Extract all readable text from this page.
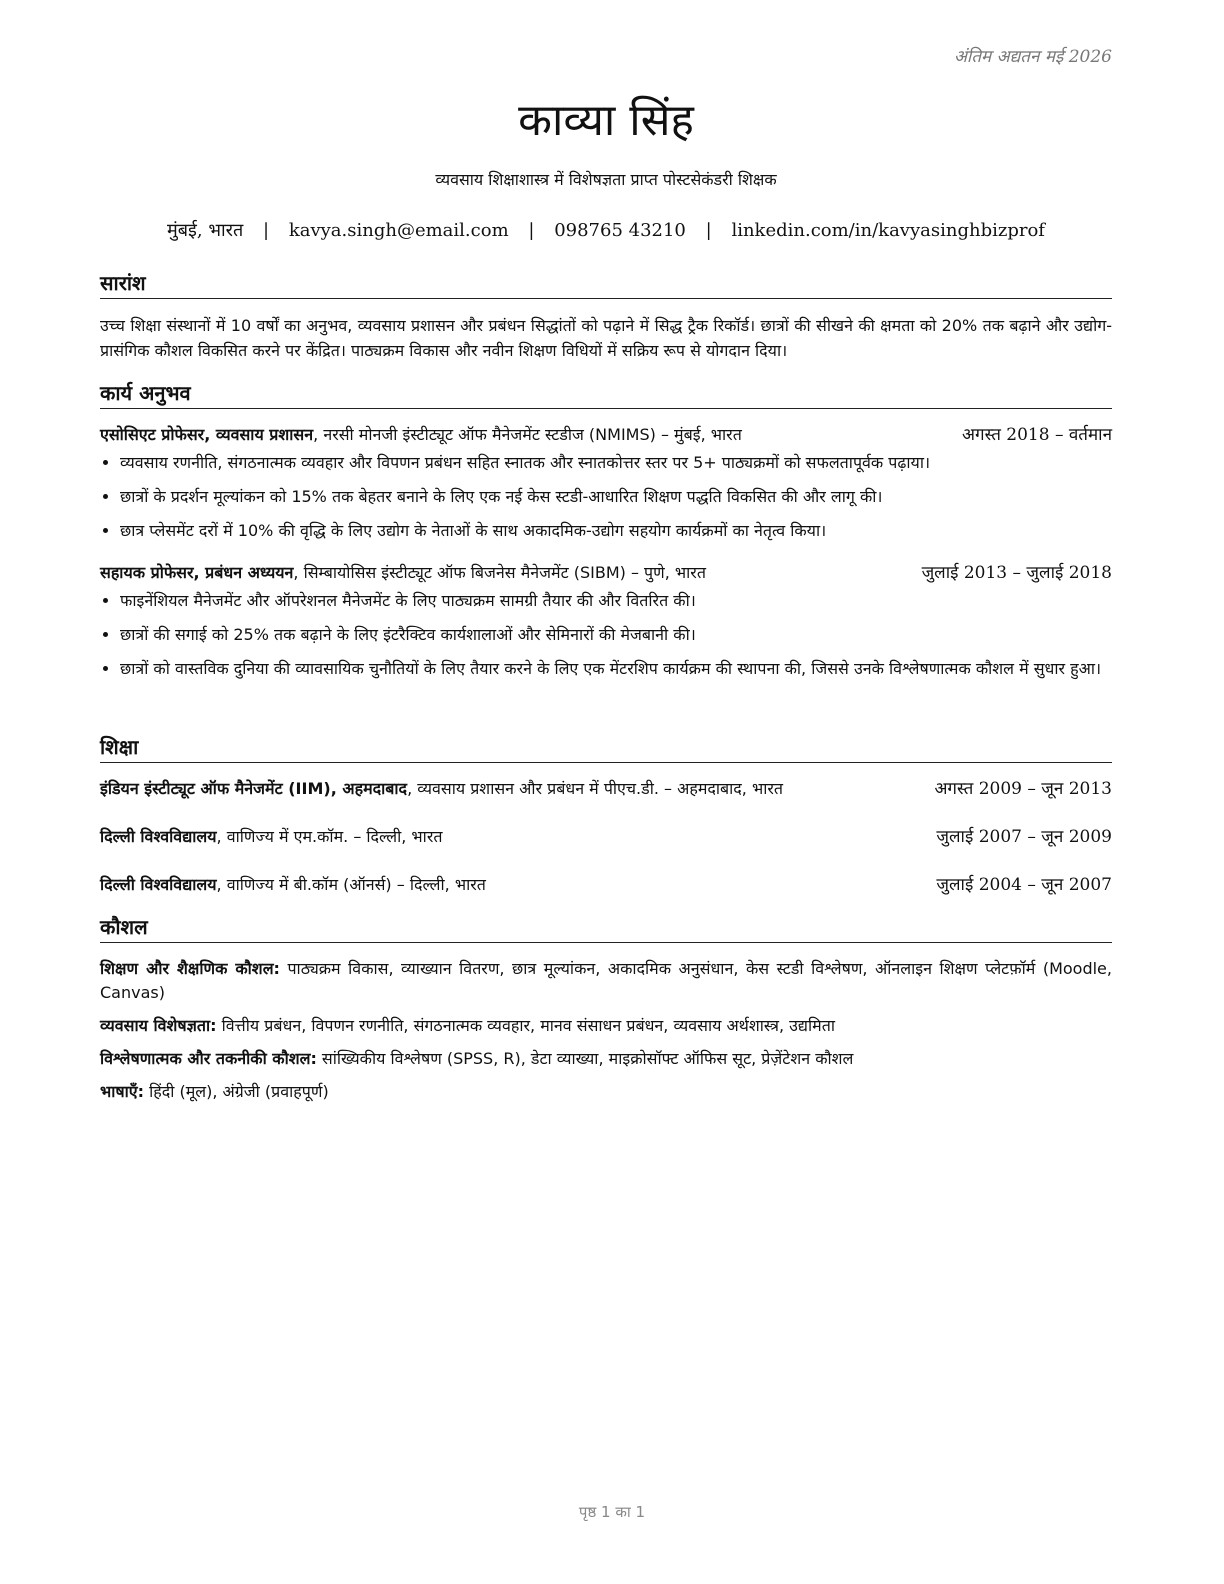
अंतिम अद्यतन मई 2026
काव्या सिंह
व्यवसाय शिक्षाशास्त्र में विशेषज्ञता प्राप्त पोस्टसेकंडरी शिक्षक
मुंबई, भारत | kavya.singh@email.com | 098765 43210 | linkedin.com/in/kavyasinghbizprof
सारांश
उच्च शिक्षा संस्थानों में 10 वर्षों का अनुभव, व्यवसाय प्रशासन और प्रबंधन सिद्धांतों को पढ़ाने में सिद्ध ट्रैक रिकॉर्ड। छात्रों की सीखने की क्षमता को 20% तक बढ़ाने और उद्योग-प्रासंगिक कौशल विकसित करने पर केंद्रित। पाठ्यक्रम विकास और नवीन शिक्षण विधियों में सक्रिय रूप से योगदान दिया।
कार्य अनुभव
एसोसिएट प्रोफेसर, व्यवसाय प्रशासन, नरसी मोनजी इंस्टीट्यूट ऑफ मैनेजमेंट स्टडीज (NMIMS) – मुंबई, भारत	अगस्त 2018 – वर्तमान
• व्यवसाय रणनीति, संगठनात्मक व्यवहार और विपणन प्रबंधन सहित स्नातक और स्नातकोत्तर स्तर पर 5+ पाठ्यक्रमों को सफलतापूर्वक पढ़ाया।
• छात्रों के प्रदर्शन मूल्यांकन को 15% तक बेहतर बनाने के लिए एक नई केस स्टडी-आधारित शिक्षण पद्धति विकसित की और लागू की।
• छात्र प्लेसमेंट दरों में 10% की वृद्धि के लिए उद्योग के नेताओं के साथ अकादमिक-उद्योग सहयोग कार्यक्रमों का नेतृत्व किया।
सहायक प्रोफेसर, प्रबंधन अध्ययन, सिम्बायोसिस इंस्टीट्यूट ऑफ बिजनेस मैनेजमेंट (SIBM) – पुणे, भारत	जुलाई 2013 – जुलाई 2018
• फाइनेंशियल मैनेजमेंट और ऑपरेशनल मैनेजमेंट के लिए पाठ्यक्रम सामग्री तैयार की और वितरित की।
• छात्रों की सगाई को 25% तक बढ़ाने के लिए इंटरैक्टिव कार्यशालाओं और सेमिनारों की मेजबानी की।
• छात्रों को वास्तविक दुनिया की व्यावसायिक चुनौतियों के लिए तैयार करने के लिए एक मेंटरशिप कार्यक्रम की स्थापना की, जिससे उनके विश्लेषणात्मक कौशल में सुधार हुआ।
शिक्षा
इंडियन इंस्टीट्यूट ऑफ मैनेजमेंट (IIM), अहमदाबाद, व्यवसाय प्रशासन और प्रबंधन में पीएच.डी. – अहमदाबाद, भारत	अगस्त 2009 – जून 2013
दिल्ली विश्वविद्यालय, वाणिज्य में एम.कॉम. – दिल्ली, भारत	जुलाई 2007 – जून 2009
दिल्ली विश्वविद्यालय, वाणिज्य में बी.कॉम (ऑनर्स) – दिल्ली, भारत	जुलाई 2004 – जून 2007
कौशल
शिक्षण और शैक्षणिक कौशल: पाठ्यक्रम विकास, व्याख्यान वितरण, छात्र मूल्यांकन, अकादमिक अनुसंधान, केस स्टडी विश्लेषण, ऑनलाइन शिक्षण प्लेटफ़ॉर्म (Moodle, Canvas)
व्यवसाय विशेषज्ञता: वित्तीय प्रबंधन, विपणन रणनीति, संगठनात्मक व्यवहार, मानव संसाधन प्रबंधन, व्यवसाय अर्थशास्त्र, उद्यमिता
विश्लेषणात्मक और तकनीकी कौशल: सांख्यिकीय विश्लेषण (SPSS, R), डेटा व्याख्या, माइक्रोसॉफ्ट ऑफिस सूट, प्रेज़ेंटेशन कौशल
भाषाएँ: हिंदी (मूल), अंग्रेजी (प्रवाहपूर्ण)
पृष्ठ 1 का 1
